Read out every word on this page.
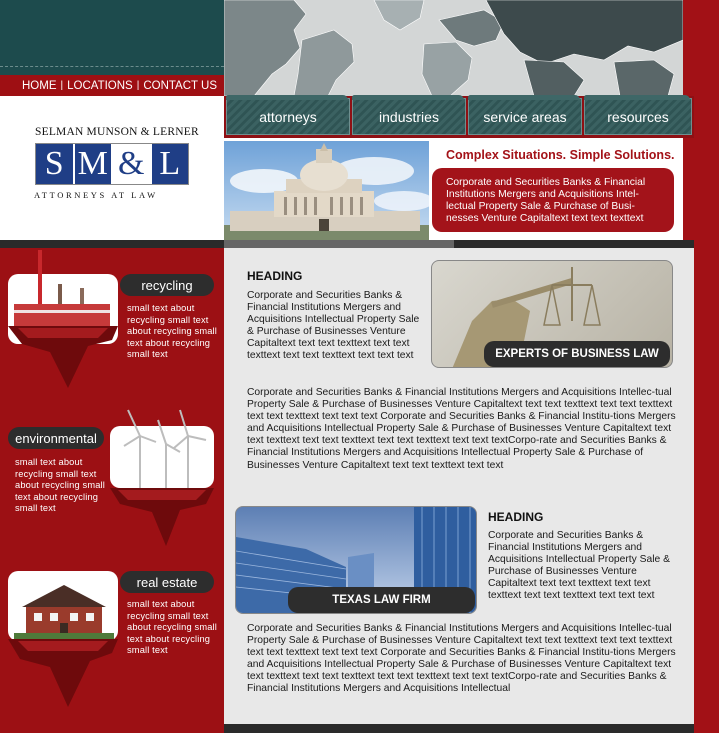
HOME | LOCATIONS | CONTACT US
SELMAN MUNSON & LERNER
S M & L
ATTORNEYS AT LAW
attorneys	industries	service areas	resources
Complex Situations. Simple Solutions.
Corporate and Securities Banks & Financial Institutions Mergers and Acquisitions Intel-lectual Property Sale & Purchase of Busi-nesses Venture Capitaltext text text texttext
recycling
small text about recycling small text about recycling small text about recycling small text
environmental
small text about recycling small text about recycling small text about recycling small text
real estate
small text about recycling small text about recycling small text about recycling small text
HEADING
Corporate and Securities Banks & Financial Institutions Mergers and Acquisitions Intellectual Property Sale & Purchase of Businesses Venture Capitaltext text text texttext text text texttext text text texttext text text text	EXPERTS OF BUSINESS LAW
Corporate and Securities Banks & Financial Institutions Mergers and Acquisitions Intellec-tual Property Sale & Purchase of Businesses Venture Capitaltext text text texttext text text texttext text text texttext text text text Corporate and Securities Banks & Financial Institu-tions Mergers and Acquisitions Intellectual Property Sale & Purchase of Businesses Venture Capitaltext text text texttext text text texttext text text texttext text text textCorpo-rate and Securities Banks & Financial Institutions Mergers and Acquisitions Intellectual Property Sale & Purchase of Businesses Venture Capitaltext text text texttext text text
TEXAS LAW FIRM
HEADING
Corporate and Securities Banks & Financial Institutions Mergers and Acquisitions Intellectual Property Sale & Purchase of Businesses Venture Capitaltext text text texttext text text texttext text text texttext text text text
Corporate and Securities Banks & Financial Institutions Mergers and Acquisitions Intellec-tual Property Sale & Purchase of Businesses Venture Capitaltext text text texttext text text texttext text text texttext text text text Corporate and Securities Banks & Financial Institu-tions Mergers and Acquisitions Intellectual Property Sale & Purchase of Businesses Venture Capitaltext text text texttext text text texttext text text texttext text text textCorpo-rate and Securities Banks & Financial Institutions Mergers and Acquisitions Intellectual
